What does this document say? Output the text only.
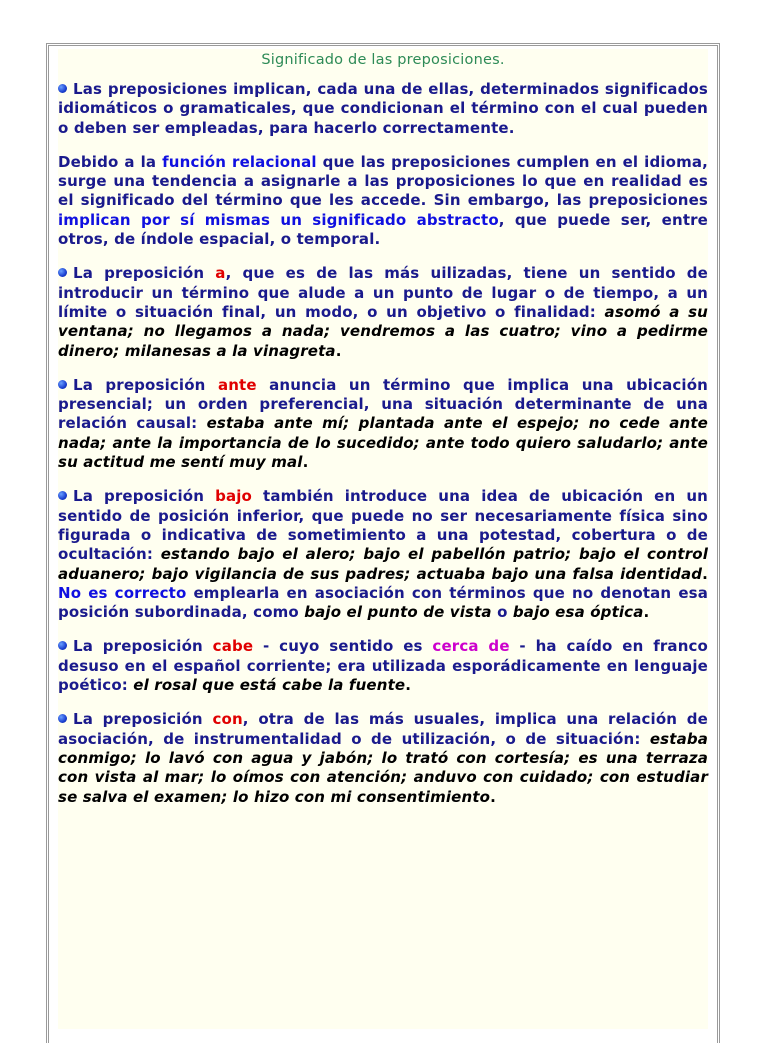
Significado de las preposiciones.

Las preposiciones implican, cada una de ellas, determinados significados idiomáticos o gramaticales, que condicionan el término con el cual pueden o deben ser empleadas, para hacerlo correctamente.

Debido a la función relacional que las preposiciones cumplen en el idioma, surge una tendencia a asignarle a las proposiciones lo que en realidad es el significado del término que les accede. Sin embargo, las preposiciones implican por sí mismas un significado abstracto, que puede ser, entre otros, de índole espacial, o temporal.

La preposición a, que es de las más uilizadas, tiene un sentido de introducir un término que alude a un punto de lugar o de tiempo, a un límite o situación final, un modo, o un objetivo o finalidad: asomó a su ventana; no llegamos a nada; vendremos a las cuatro; vino a pedirme dinero; milanesas a la vinagreta.

La preposición ante anuncia un término que implica una ubicación presencial; un orden preferencial, una situación determinante de una relación causal: estaba ante mí; plantada ante el espejo; no cede ante nada; ante la importancia de lo sucedido; ante todo quiero saludarlo; ante su actitud me sentí muy mal.

La preposición bajo también introduce una idea de ubicación en un sentido de posición inferior, que puede no ser necesariamente física sino figurada o indicativa de sometimiento a una potestad, cobertura o de ocultación: estando bajo el alero; bajo el pabellón patrio; bajo el control aduanero; bajo vigilancia de sus padres; actuaba bajo una falsa identidad. No es correcto emplearla en asociación con términos que no denotan esa posición subordinada, como bajo el punto de vista o bajo esa óptica.

La preposición cabe - cuyo sentido es cerca de - ha caído en franco desuso en el español corriente; era utilizada esporádicamente en lenguaje poético: el rosal que está cabe la fuente.

La preposición con, otra de las más usuales, implica una relación de asociación, de instrumentalidad o de utilización, o de situación: estaba conmigo; lo lavó con agua y jabón; lo trató con cortesía; es una terraza con vista al mar; lo oímos con atención; anduvo con cuidado; con estudiar se salva el examen; lo hizo con mi consentimiento.
